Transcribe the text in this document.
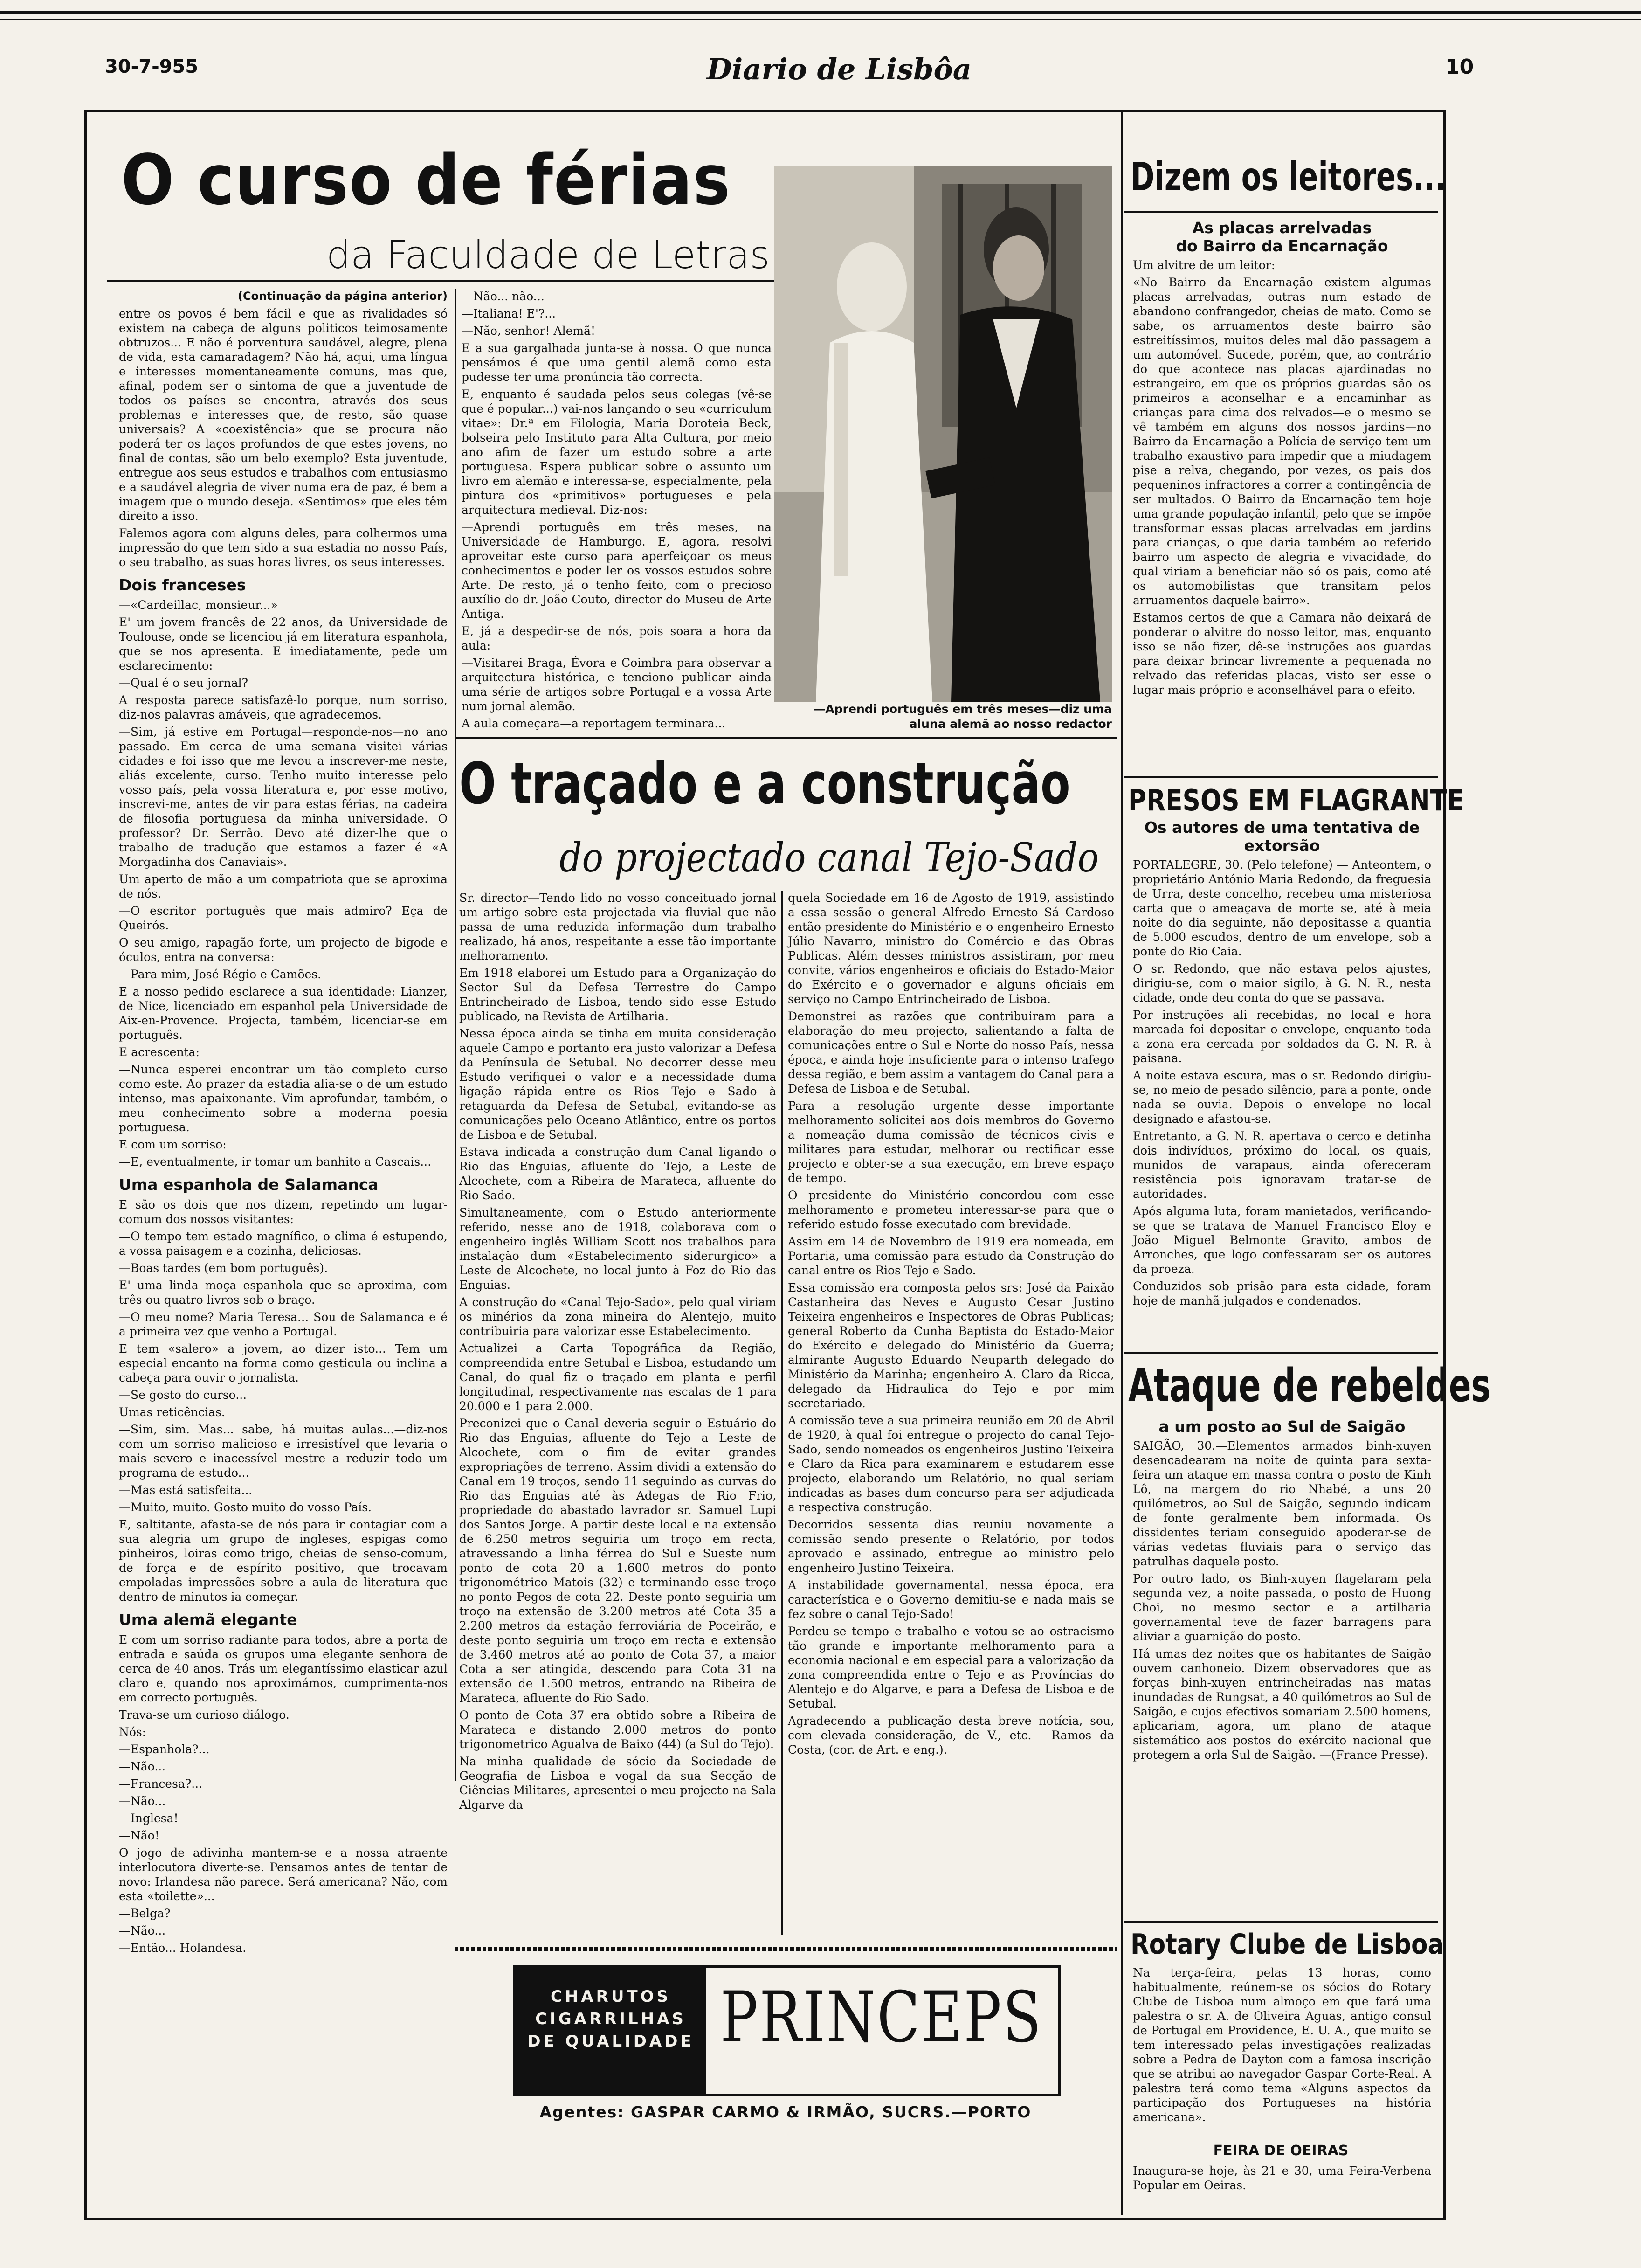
30-7-955	Diario de Lisbôa	10
O curso de férias
da Faculdade de Letras

(Continuação da página anterior)

entre os povos é bem fácil e que as rivalidades só existem na cabeça de alguns politicos teimosamente obtruzos... E não é porventura saudável, alegre, plena de vida, esta camaradagem? Não há, aqui, uma língua e interesses momentaneamente comuns, mas que, afinal, podem ser o sintoma de que a juventude de todos os países se encontra, através dos seus problemas e interesses que, de resto, são quase universais? A «coexistência» que se procura não poderá ter os laços profundos de que estes jovens, no final de contas, são um belo exemplo? Esta juventude, entregue aos seus estudos e trabalhos com entusiasmo e a saudável alegria de viver numa era de paz, é bem a imagem que o mundo deseja. «Sentimos» que eles têm direito a isso.

Falemos agora com alguns deles, para colhermos uma impressão do que tem sido a sua estadia no nosso País, o seu trabalho, as suas horas livres, os seus interesses.

Dois franceses

—«Cardeillac, monsieur...»

E' um jovem francês de 22 anos, da Universidade de Toulouse, onde se licenciou já em literatura espanhola, que se nos apresenta. E imediatamente, pede um esclarecimento:

—Qual é o seu jornal?

A resposta parece satisfazê-lo porque, num sorriso, diz-nos palavras amáveis, que agradecemos.

—Sim, já estive em Portugal—responde-nos—no ano passado. Em cerca de uma semana visitei várias cidades e foi isso que me levou a inscrever-me neste, aliás excelente, curso. Tenho muito interesse pelo vosso país, pela vossa literatura e, por esse motivo, inscrevi-me, antes de vir para estas férias, na cadeira de filosofia portuguesa da minha universidade. O professor? Dr. Serrão. Devo até dizer-lhe que o trabalho de tradução que estamos a fazer é «A Morgadinha dos Canaviais».

Um aperto de mão a um compatriota que se aproxima de nós.

—O escritor português que mais admiro? Eça de Queirós.

O seu amigo, rapagão forte, um projecto de bigode e óculos, entra na conversa:

—Para mim, José Régio e Camões.

E a nosso pedido esclarece a sua identidade: Lianzer, de Nice, licenciado em espanhol pela Universidade de Aix-en-Provence. Projecta, também, licenciar-se em português.

E acrescenta:

—Nunca esperei encontrar um tão completo curso como este. Ao prazer da estadia alia-se o de um estudo intenso, mas apaixonante. Vim aprofundar, também, o meu conhecimento sobre a moderna poesia portuguesa.

E com um sorriso:

—E, eventualmente, ir tomar um banhito a Cascais...

Uma espanhola de Salamanca

E são os dois que nos dizem, repetindo um lugar-comum dos nossos visitantes:

—O tempo tem estado magnífico, o clima é estupendo, a vossa paisagem e a cozinha, deliciosas.

—Boas tardes (em bom português).

E' uma linda moça espanhola que se aproxima, com três ou quatro livros sob o braço.

—O meu nome? Maria Teresa... Sou de Salamanca e é a primeira vez que venho a Portugal.

E tem «salero» a jovem, ao dizer isto... Tem um especial encanto na forma como gesticula ou inclina a cabeça para ouvir o jornalista.

—Se gosto do curso...

Umas reticências.

—Sim, sim. Mas... sabe, há muitas aulas...—diz-nos com um sorriso malicioso e irresistível que levaria o mais severo e inacessível mestre a reduzir todo um programa de estudo...

—Mas está satisfeita...

—Muito, muito. Gosto muito do vosso País.

E, saltitante, afasta-se de nós para ir contagiar com a sua alegria um grupo de ingleses, espigas como pinheiros, loiras como trigo, cheias de senso-comum, de força e de espírito positivo, que trocavam empoladas impressões sobre a aula de literatura que dentro de minutos ia começar.

Uma alemã elegante

E com um sorriso radiante para todos, abre a porta de entrada e saúda os grupos uma elegante senhora de cerca de 40 anos. Trás um elegantíssimo elasticar azul claro e, quando nos aproximámos, cumprimenta-nos em correcto português.

Trava-se um curioso diálogo.

Nós:

—Espanhola?...

—Não...

—Francesa?...

—Não...

—Inglesa!

—Não!

O jogo de adivinha mantem-se e a nossa atraente interlocutora diverte-se. Pensamos antes de tentar de novo: Irlandesa não parece. Será americana? Não, com esta «toilette»...

—Belga?

—Não...

—Então... Holandesa.

—Não... não...

—Italiana! E'?...

—Não, senhor! Alemã!

E a sua gargalhada junta-se à nossa. O que nunca pensámos é que uma gentil alemã como esta pudesse ter uma pronúncia tão correcta.

E, enquanto é saudada pelos seus colegas (vê-se que é popular...) vai-nos lançando o seu «curriculum vitae»: Dr.ª em Filologia, Maria Doroteia Beck, bolseira pelo Instituto para Alta Cultura, por meio ano afim de fazer um estudo sobre a arte portuguesa. Espera publicar sobre o assunto um livro em alemão e interessa-se, especialmente, pela pintura dos «primitivos» portugueses e pela arquitectura medieval. Diz-nos:

—Aprendi português em três meses, na Universidade de Hamburgo. E, agora, resolvi aproveitar este curso para aperfeiçoar os meus conhecimentos e poder ler os vossos estudos sobre Arte. De resto, já o tenho feito, com o precioso auxílio do dr. João Couto, director do Museu de Arte Antiga.

E, já a despedir-se de nós, pois soara a hora da aula:

—Visitarei Braga, Évora e Coimbra para observar a arquitectura histórica, e tenciono publicar ainda uma série de artigos sobre Portugal e a vossa Arte num jornal alemão.

A aula começara—a reportagem terminara...

—Aprendi português em três meses—diz uma aluna alemã ao nosso redactor
O traçado e a construção
do projectado canal Tejo-Sado

Sr. director—Tendo lido no vosso conceituado jornal um artigo sobre esta projectada via fluvial que não passa de uma reduzida informação dum trabalho realizado, há anos, respeitante a esse tão importante melhoramento.

Em 1918 elaborei um Estudo para a Organização do Sector Sul da Defesa Terrestre do Campo Entrincheirado de Lisboa, tendo sido esse Estudo publicado, na Revista de Artilharia.

Nessa época ainda se tinha em muita consideração aquele Campo e portanto era justo valorizar a Defesa da Península de Setubal. No decorrer desse meu Estudo verifiquei o valor e a necessidade duma ligação rápida entre os Rios Tejo e Sado à retaguarda da Defesa de Setubal, evitando-se as comunicações pelo Oceano Atlântico, entre os portos de Lisboa e de Setubal.

Estava indicada a construção dum Canal ligando o Rio das Enguias, afluente do Tejo, a Leste de Alcochete, com a Ribeira de Marateca, afluente do Rio Sado.

Simultaneamente, com o Estudo anteriormente referido, nesse ano de 1918, colaborava com o engenheiro inglês William Scott nos trabalhos para instalação dum «Estabelecimento siderurgico» a Leste de Alcochete, no local junto à Foz do Rio das Enguias.

A construção do «Canal Tejo-Sado», pelo qual viriam os minérios da zona mineira do Alentejo, muito contribuiria para valorizar esse Estabelecimento.

Actualizei a Carta Topográfica da Região, compreendida entre Setubal e Lisboa, estudando um Canal, do qual fiz o traçado em planta e perfil longitudinal, respectivamente nas escalas de 1 para 20.000 e 1 para 2.000.

Preconizei que o Canal deveria seguir o Estuário do Rio das Enguias, afluente do Tejo a Leste de Alcochete, com o fim de evitar grandes expropriações de terreno. Assim dividi a extensão do Canal em 19 troços, sendo 11 seguindo as curvas do Rio das Enguias até às Adegas de Rio Frio, propriedade do abastado lavrador sr. Samuel Lupi dos Santos Jorge. A partir deste local e na extensão de 6.250 metros seguiria um troço em recta, atravessando a linha férrea do Sul e Sueste num ponto de cota 20 a 1.600 metros do ponto trigonométrico Matois (32) e terminando esse troço no ponto Pegos de cota 22. Deste ponto seguiria um troço na extensão de 3.200 metros até Cota 35 a 2.200 metros da estação ferroviária de Poceirão, e deste ponto seguiria um troço em recta e extensão de 3.460 metros até ao ponto de Cota 37, a maior Cota a ser atingida, descendo para Cota 31 na extensão de 1.500 metros, entrando na Ribeira de Marateca, afluente do Rio Sado.

O ponto de Cota 37 era obtido sobre a Ribeira de Marateca e distando 2.000 metros do ponto trigonometrico Agualva de Baixo (44) (a Sul do Tejo).

Na minha qualidade de sócio da Sociedade de Geografia de Lisboa e vogal da sua Secção de Ciências Militares, apresentei o meu projecto na Sala Algarve da

quela Sociedade em 16 de Agosto de 1919, assistindo a essa sessão o general Alfredo Ernesto Sá Cardoso então presidente do Ministério e o engenheiro Ernesto Júlio Navarro, ministro do Comércio e das Obras Publicas. Além desses ministros assistiram, por meu convite, vários engenheiros e oficiais do Estado-Maior do Exército e o governador e alguns oficiais em serviço no Campo Entrincheirado de Lisboa.

Demonstrei as razões que contribuiram para a elaboração do meu projecto, salientando a falta de comunicações entre o Sul e Norte do nosso País, nessa época, e ainda hoje insuficiente para o intenso trafego dessa região, e bem assim a vantagem do Canal para a Defesa de Lisboa e de Setubal.

Para a resolução urgente desse importante melhoramento solicitei aos dois membros do Governo a nomeação duma comissão de técnicos civis e militares para estudar, melhorar ou rectificar esse projecto e obter-se a sua execução, em breve espaço de tempo.

O presidente do Ministério concordou com esse melhoramento e prometeu interessar-se para que o referido estudo fosse executado com brevidade.

Assim em 14 de Novembro de 1919 era nomeada, em Portaria, uma comissão para estudo da Construção do canal entre os Rios Tejo e Sado.

Essa comissão era composta pelos srs: José da Paixão Castanheira das Neves e Augusto Cesar Justino Teixeira engenheiros e Inspectores de Obras Publicas; general Roberto da Cunha Baptista do Estado-Maior do Exército e delegado do Ministério da Guerra; almirante Augusto Eduardo Neuparth delegado do Ministério da Marinha; engenheiro A. Claro da Ricca, delegado da Hidraulica do Tejo e por mim secretariado.

A comissão teve a sua primeira reunião em 20 de Abril de 1920, à qual foi entregue o projecto do canal Tejo-Sado, sendo nomeados os engenheiros Justino Teixeira e Claro da Rica para examinarem e estudarem esse projecto, elaborando um Relatório, no qual seriam indicadas as bases dum concurso para ser adjudicada a respectiva construção.

Decorridos sessenta dias reuniu novamente a comissão sendo presente o Relatório, por todos aprovado e assinado, entregue ao ministro pelo engenheiro Justino Teixeira.

A instabilidade governamental, nessa época, era característica e o Governo demitiu-se e nada mais se fez sobre o canal Tejo-Sado!

Perdeu-se tempo e trabalho e votou-se ao ostracismo tão grande e importante melhoramento para a economia nacional e em especial para a valorização da zona compreendida entre o Tejo e as Províncias do Alentejo e do Algarve, e para a Defesa de Lisboa e de Setubal.

Agradecendo a publicação desta breve notícia, sou, com elevada consideração, de V., etc.— Ramos da Costa, (cor. de Art. e eng.).

CHARUTOS
CIGARRILHAS
DE QUALIDADE PRINCEPS
Agentes: GASPAR CARMO & IRMÃO, SUCRS.—PORTO
Dizem os leitores...
As placas arrelvadas
do Bairro da Encarnação

Um alvitre de um leitor:

«No Bairro da Encarnação existem algumas placas arrelvadas, outras num estado de abandono confrangedor, cheias de mato. Como se sabe, os arruamentos deste bairro são estreitíssimos, muitos deles mal dão passagem a um automóvel. Sucede, porém, que, ao contrário do que acontece nas placas ajardinadas no estrangeiro, em que os próprios guardas são os primeiros a aconselhar e a encaminhar as crianças para cima dos relvados—e o mesmo se vê também em alguns dos nossos jardins—no Bairro da Encarnação a Polícia de serviço tem um trabalho exaustivo para impedir que a miudagem pise a relva, chegando, por vezes, os pais dos pequeninos infractores a correr a contingência de ser multados. O Bairro da Encarnação tem hoje uma grande população infantil, pelo que se impõe transformar essas placas arrelvadas em jardins para crianças, o que daria também ao referido bairro um aspecto de alegria e vivacidade, do qual viriam a beneficiar não só os pais, como até os automobilistas que transitam pelos arruamentos daquele bairro».

Estamos certos de que a Camara não deixará de ponderar o alvitre do nosso leitor, mas, enquanto isso se não fizer, dê-se instruções aos guardas para deixar brincar livremente a pequenada no relvado das referidas placas, visto ser esse o lugar mais próprio e aconselhável para o efeito.

PRESOS EM FLAGRANTE
Os autores de uma tentativa de extorsão

PORTALEGRE, 30. (Pelo telefone) — Anteontem, o proprietário António Maria Redondo, da freguesia de Urra, deste concelho, recebeu uma misteriosa carta que o ameaçava de morte se, até à meia noite do dia seguinte, não depositasse a quantia de 5.000 escudos, dentro de um envelope, sob a ponte do Rio Caia.

O sr. Redondo, que não estava pelos ajustes, dirigiu-se, com o maior sigilo, à G. N. R., nesta cidade, onde deu conta do que se passava.

Por instruções ali recebidas, no local e hora marcada foi depositar o envelope, enquanto toda a zona era cercada por soldados da G. N. R. à paisana.

A noite estava escura, mas o sr. Redondo dirigiu-se, no meio de pesado silêncio, para a ponte, onde nada se ouvia. Depois o envelope no local designado e afastou-se.

Entretanto, a G. N. R. apertava o cerco e detinha dois indivíduos, próximo do local, os quais, munidos de varapaus, ainda ofereceram resistência pois ignoravam tratar-se de autoridades.

Após alguma luta, foram manietados, verificando-se que se tratava de Manuel Francisco Eloy e João Miguel Belmonte Gravito, ambos de Arronches, que logo confessaram ser os autores da proeza.

Conduzidos sob prisão para esta cidade, foram hoje de manhã julgados e condenados.

Ataque de rebeldes
a um posto ao Sul de Saigão

SAIGÃO, 30.—Elementos armados binh-xuyen desencadearam na noite de quinta para sexta-feira um ataque em massa contra o posto de Kinh Lô, na margem do rio Nhabé, a uns 20 quilómetros, ao Sul de Saigão, segundo indicam de fonte geralmente bem informada. Os dissidentes teriam conseguido apoderar-se de várias vedetas fluviais para o serviço das patrulhas daquele posto.

Por outro lado, os Binh-xuyen flagelaram pela segunda vez, a noite passada, o posto de Huong Choi, no mesmo sector e a artilharia governamental teve de fazer barragens para aliviar a guarnição do posto.

Há umas dez noites que os habitantes de Saigão ouvem canhoneio. Dizem observadores que as forças binh-xuyen entrincheiradas nas matas inundadas de Rungsat, a 40 quilómetros ao Sul de Saigão, e cujos efectivos somariam 2.500 homens, aplicariam, agora, um plano de ataque sistemático aos postos do exército nacional que protegem a orla Sul de Saigão. —(France Presse).

Rotary Clube de Lisboa

Na terça-feira, pelas 13 horas, como habitualmente, reúnem-se os sócios do Rotary Clube de Lisboa num almoço em que fará uma palestra o sr. A. de Oliveira Aguas, antigo consul de Portugal em Providence, E. U. A., que muito se tem interessado pelas investigações realizadas sobre a Pedra de Dayton com a famosa inscrição que se atribui ao navegador Gaspar Corte-Real. A palestra terá como tema «Alguns aspectos da participação dos Portugueses na história americana».

FEIRA DE OEIRAS
Inaugura-se hoje, às 21 e 30, uma Feira-Verbena Popular em Oeiras.
